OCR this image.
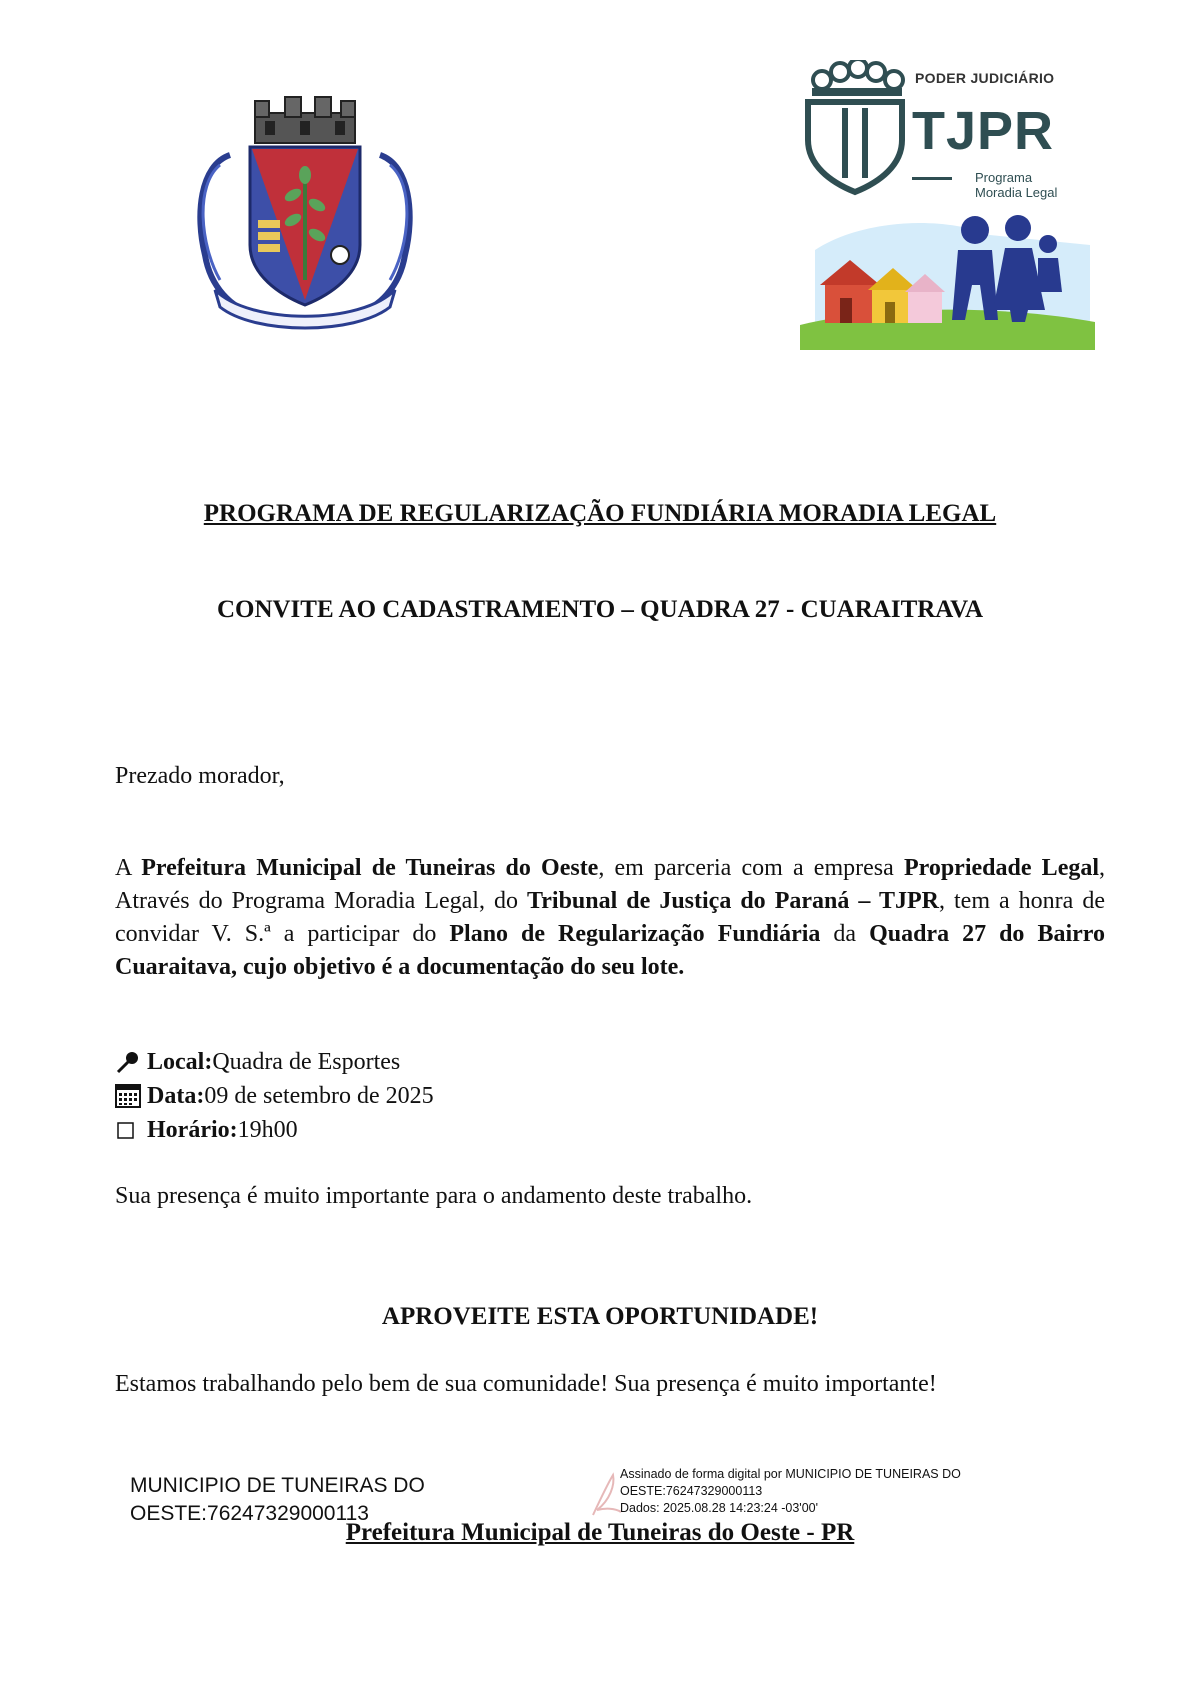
PODER JUDICIÁRIO
TJPR
Programa
Moradia Legal
PROGRAMA DE REGULARIZAÇÃO FUNDIÁRIA MORADIA LEGAL
CONVITE AO CADASTRAMENTO – QUADRA 27 - CUARAITRAVA
Prezado morador,
A Prefeitura Municipal de Tuneiras do Oeste, em parceria com a empresa Propriedade Legal, Através do Programa Moradia Legal, do Tribunal de Justiça do Paraná – TJPR, tem a honra de convidar V. S.ª a participar do Plano de Regularização Fundiária da Quadra 27 do Bairro Cuaraitava, cujo objetivo é a documentação do seu lote.
Local: Quadra de Esportes
Data: 09 de setembro de 2025
Horário: 19h00
Sua presença é muito importante para o andamento deste trabalho.
APROVEITE ESTA OPORTUNIDADE!
Estamos trabalhando pelo bem de sua comunidade! Sua presença é muito importante!
MUNICIPIO DE TUNEIRAS DO
OESTE:76247329000113
Assinado de forma digital por MUNICIPIO DE TUNEIRAS DO
OESTE:76247329000113
Dados: 2025.08.28 14:23:24 -03'00'
Prefeitura Municipal de Tuneiras do Oeste - PR
